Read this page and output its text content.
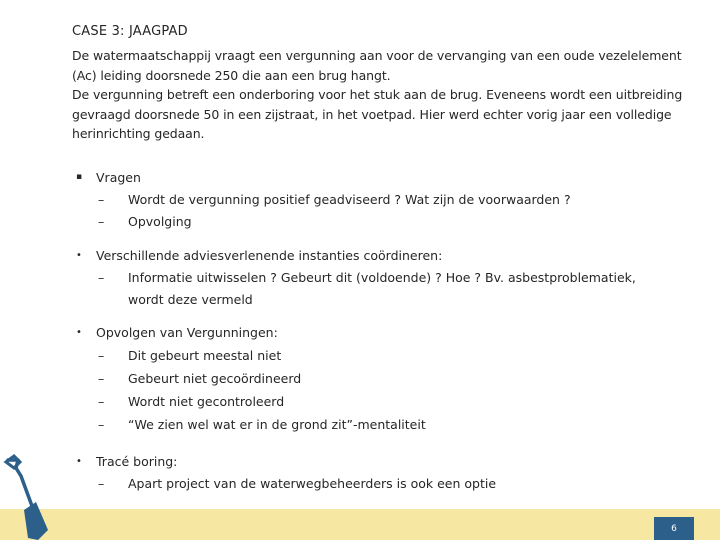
CASE 3: JAAGPAD
De watermaatschappij vraagt een vergunning aan voor de vervanging van een oude vezelelement
(Ac) leiding doorsnede 250 die aan een brug hangt.
De vergunning betreft een onderboring voor het stuk aan de brug. Eveneens wordt een uitbreiding
gevraagd doorsnede 50 in een zijstraat, in het voetpad. Hier werd echter vorig jaar een volledige
herinrichting gedaan.
▪	Vragen
– Wordt de vergunning positief geadviseerd ? Wat zijn de voorwaarden ?
– Opvolging
•	Verschillende adviesverlenende instanties coördineren:
– Informatie uitwisselen ? Gebeurt dit (voldoende) ? Hoe ? Bv. asbestproblematiek,
wordt deze vermeld
•	Opvolgen van Vergunningen:
– Dit gebeurt meestal niet
– Gebeurt niet gecoördineerd
– Wordt niet gecontroleerd
– “We zien wel wat er in de grond zit”-mentaliteit
•	Tracé boring:
– Apart project van de waterwegbeheerders is ook een optie
6
